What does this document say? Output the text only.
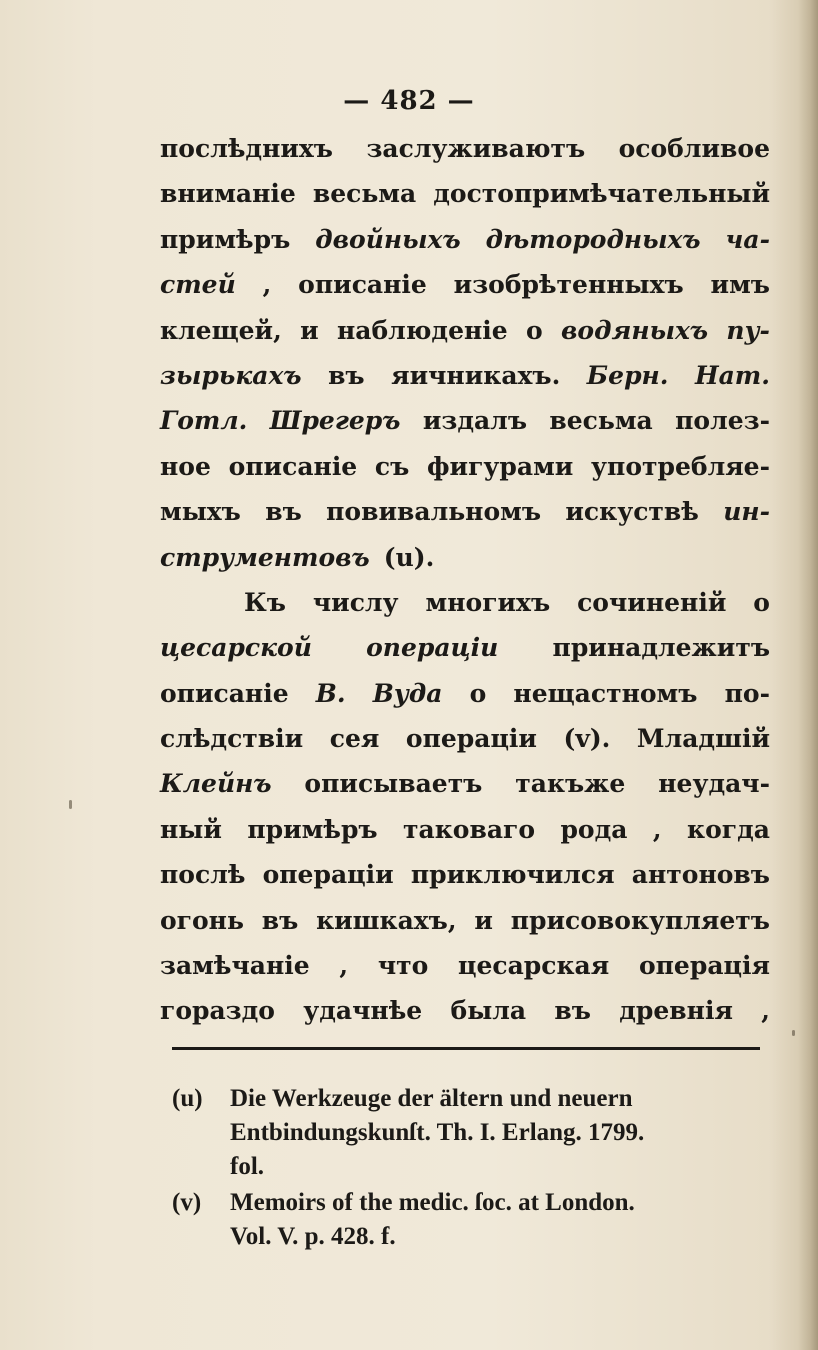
— 482 —
послѣднихъ заслуживаютъ особливое
вниманіе весьма достопримѣчательный
примѣръ двойныхъ дѣтородныхъ ча-
стей , описаніе изобрѣтенныхъ имъ
клещей, и наблюденіе о водяныхъ пу-
зырькахъ въ яичникахъ. Берн. Нат.
Готл. Шрегеръ издалъ весьма полез-
ное описаніе съ фигурами употребляе-
мыхъ въ повивальномъ искуствѣ ин-
струментовъ (u).
Къ числу многихъ сочиненій о
цесарской операціи принадлежитъ
описаніе В. Вуда о нещастномъ по-
слѣдствіи сея операціи (v). Младшій
Клейнъ описываетъ такъже неудач-
ный примѣръ таковаго рода , когда
послѣ операціи приключился антоновъ
огонь въ кишкахъ, и присовокупляетъ
замѣчаніе , что цесарская операція
гораздо удачнѣе была въ древнія ,
(u)	Die Werkzeuge der ältern und neuern
Entbindungskunſt. Th. I. Erlang. 1799.
fol.
(v)	Memoirs of the medic. ſoc. at London.
Vol. V. p. 428. f.
